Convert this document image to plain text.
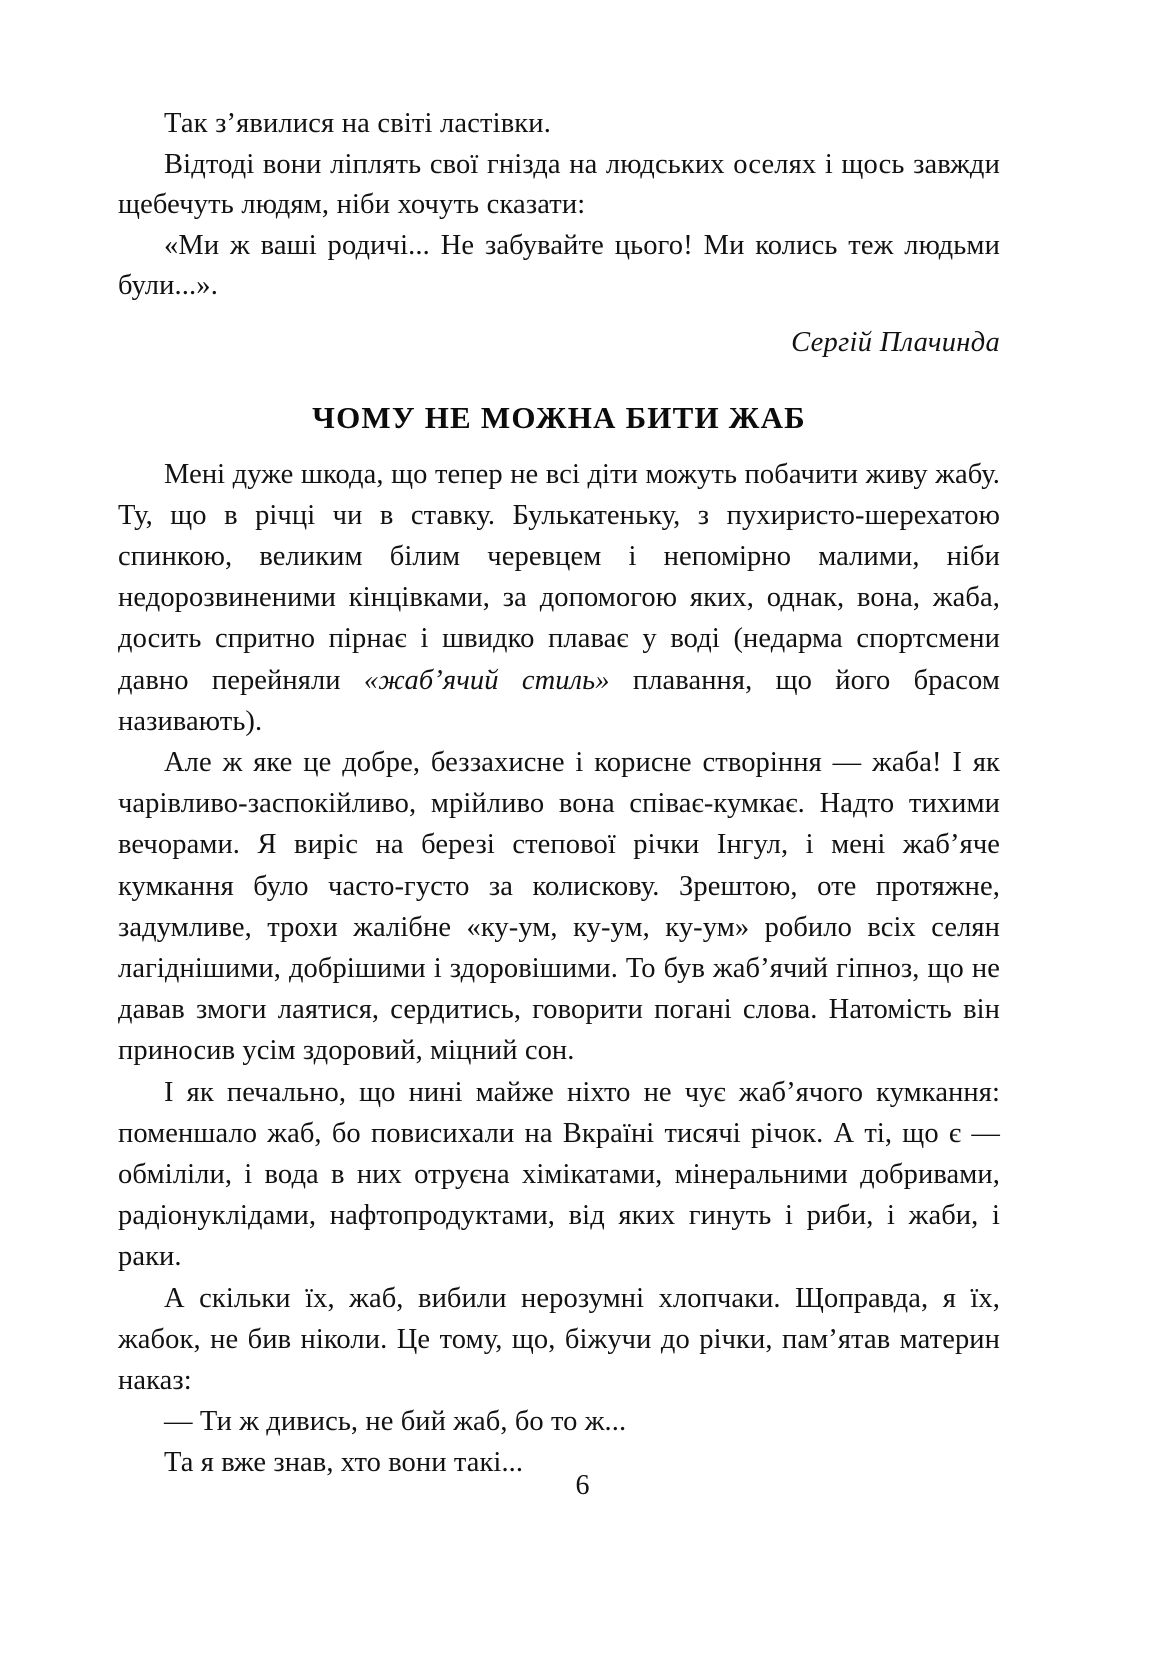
Так з’явилися на світі ластівки.

Відтоді вони ліплять свої гнізда на людських оселях і щось завжди щебечуть людям, ніби хочуть сказати:

«Ми ж ваші родичі... Не забувайте цього! Ми колись теж людьми були...».

Сергій Плачинда

ЧОМУ НЕ МОЖНА БИТИ ЖАБ

Мені дуже шкода, що тепер не всі діти можуть побачити живу жабу. Ту, що в річці чи в ставку. Булькатеньку, з пухиристо-шерехатою спинкою, великим білим черевцем і непомірно малими, ніби недорозвиненими кінцівками, за допомогою яких, однак, вона, жаба, досить спритно пірнає і швидко плаває у воді (недарма спортсмени давно перейняли «жаб’ячий стиль» плавання, що його брасом називають).

Але ж яке це добре, беззахисне і корисне створіння — жаба! І як чарівливо-заспокійливо, мрійливо вона співає-кумкає. Надто тихими вечорами. Я виріс на березі степової річки Інгул, і мені жаб’яче кумкання було часто-густо за колискову. Зрештою, оте протяжне, задумливе, трохи жалібне «ку-ум, ку-ум, ку-ум» робило всіх селян лагіднішими, добрішими і здоровішими. То був жаб’ячий гіпноз, що не давав змоги лаятися, сердитись, говорити погані слова. Натомість він приносив усім здоровий, міцний сон.

І як печально, що нині майже ніхто не чує жаб’ячого кумкання: поменшало жаб, бо повисихали на Вкраїні тисячі річок. А ті, що є — обміліли, і вода в них отруєна хімікатами, мінеральними добривами, радіонуклідами, нафтопродуктами, від яких гинуть і риби, і жаби, і раки.

А скільки їх, жаб, вибили нерозумні хлопчаки. Щоправда, я їх, жабок, не бив ніколи. Це тому, що, біжучи до річки, пам’ятав материн наказ:

— Ти ж дивись, не бий жаб, бо то ж...

Та я вже знав, хто вони такі...

6
